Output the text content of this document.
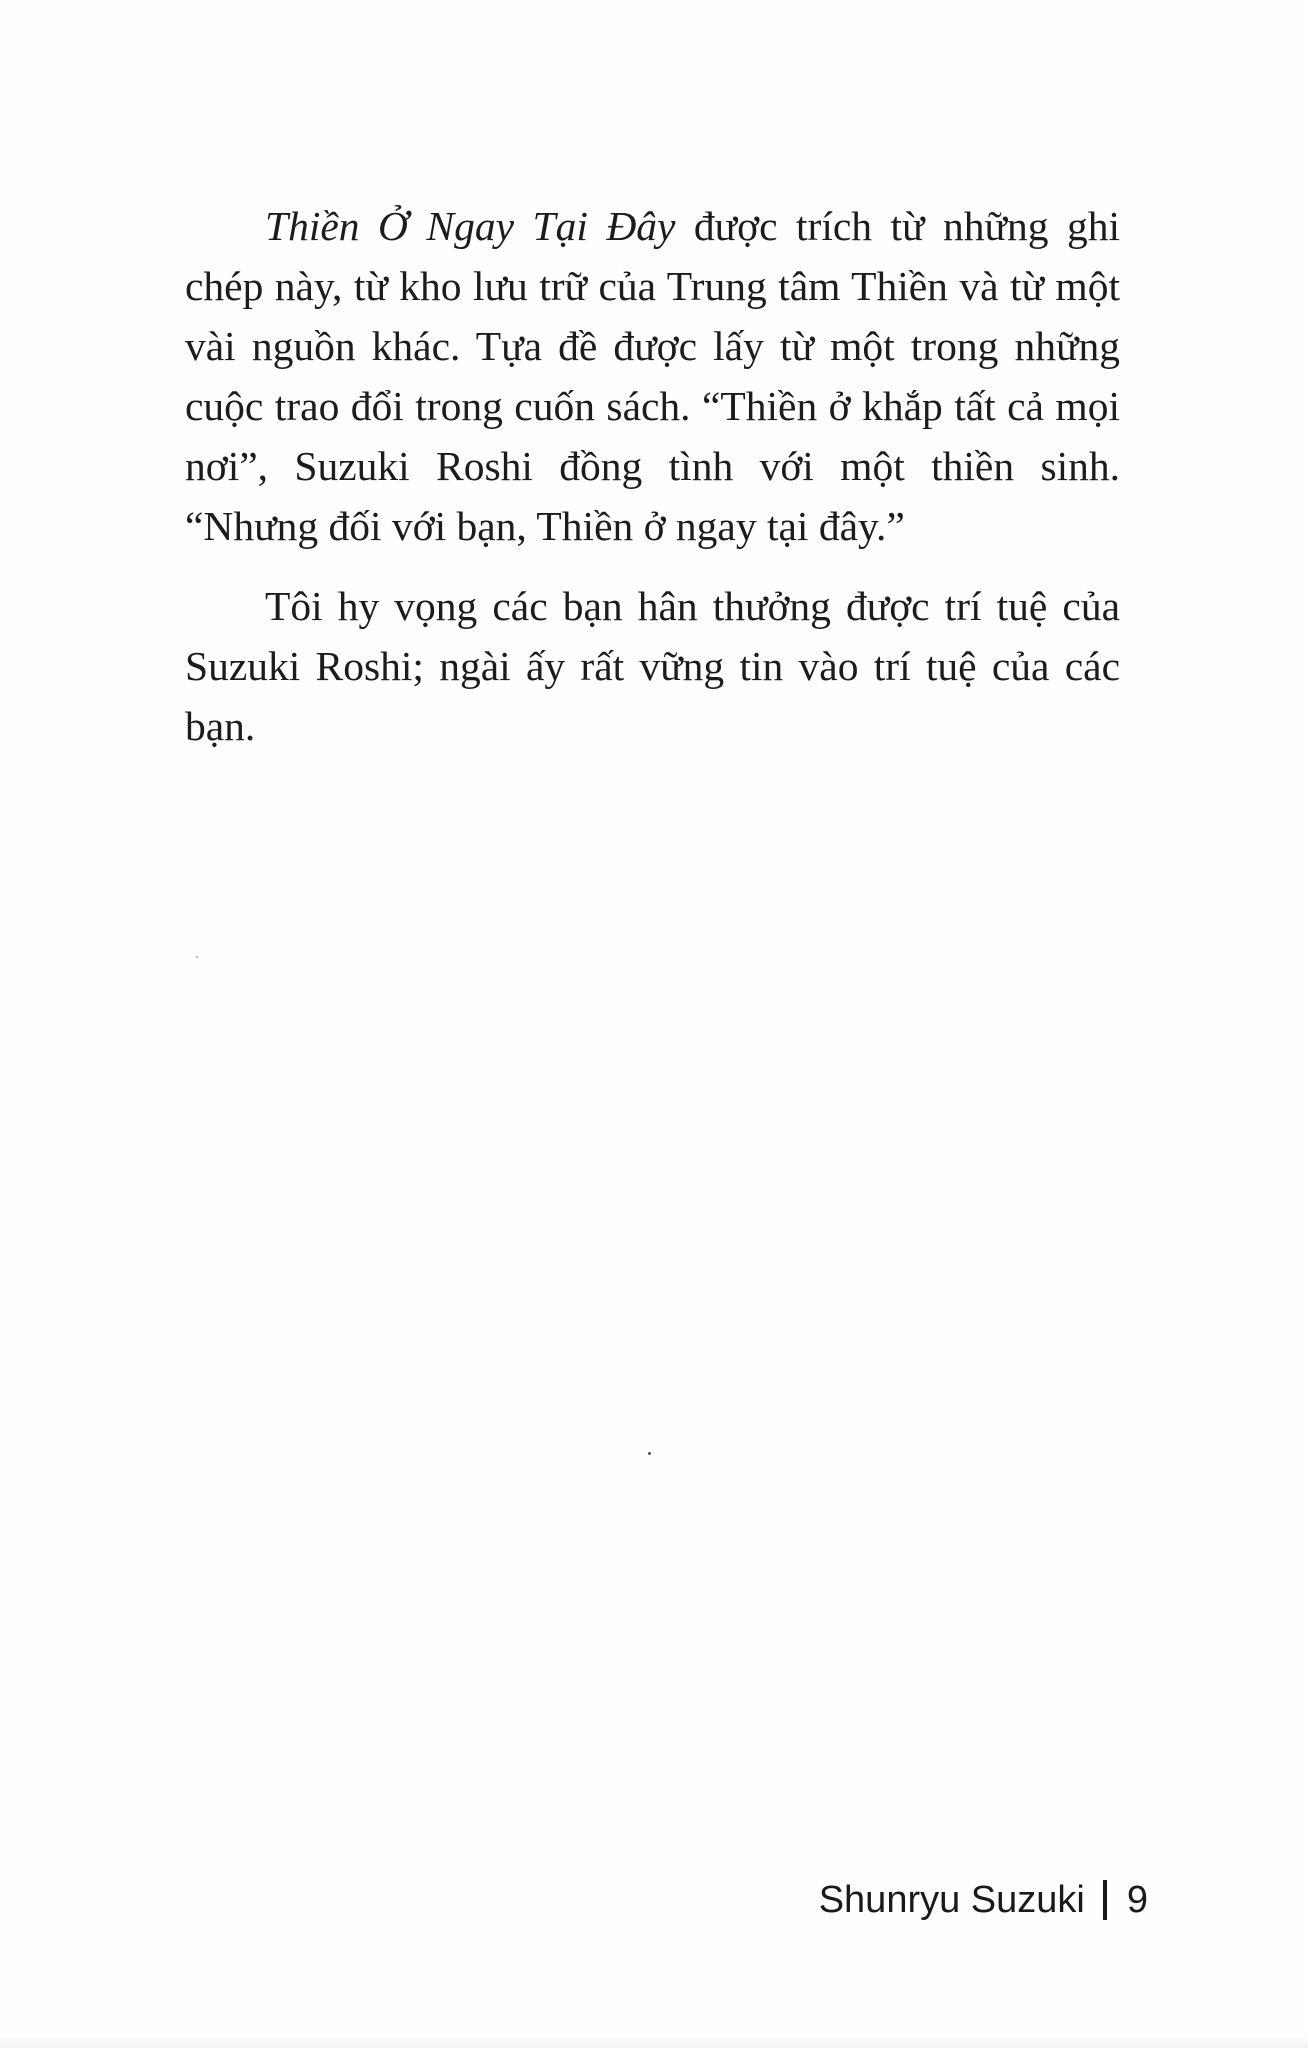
Thiền Ở Ngay Tại Đây được trích từ những ghi chép này, từ kho lưu trữ của Trung tâm Thiền và từ một vài nguồn khác. Tựa đề được lấy từ một trong những cuộc trao đổi trong cuốn sách. “Thiền ở khắp tất cả mọi nơi”, Suzuki Roshi đồng tình với một thiền sinh. “Nhưng đối với bạn, Thiền ở ngay tại đây.”

Tôi hy vọng các bạn hân thưởng được trí tuệ của Suzuki Roshi; ngài ấy rất vững tin vào trí tuệ của các bạn.

Shunryu Suzuki 9
